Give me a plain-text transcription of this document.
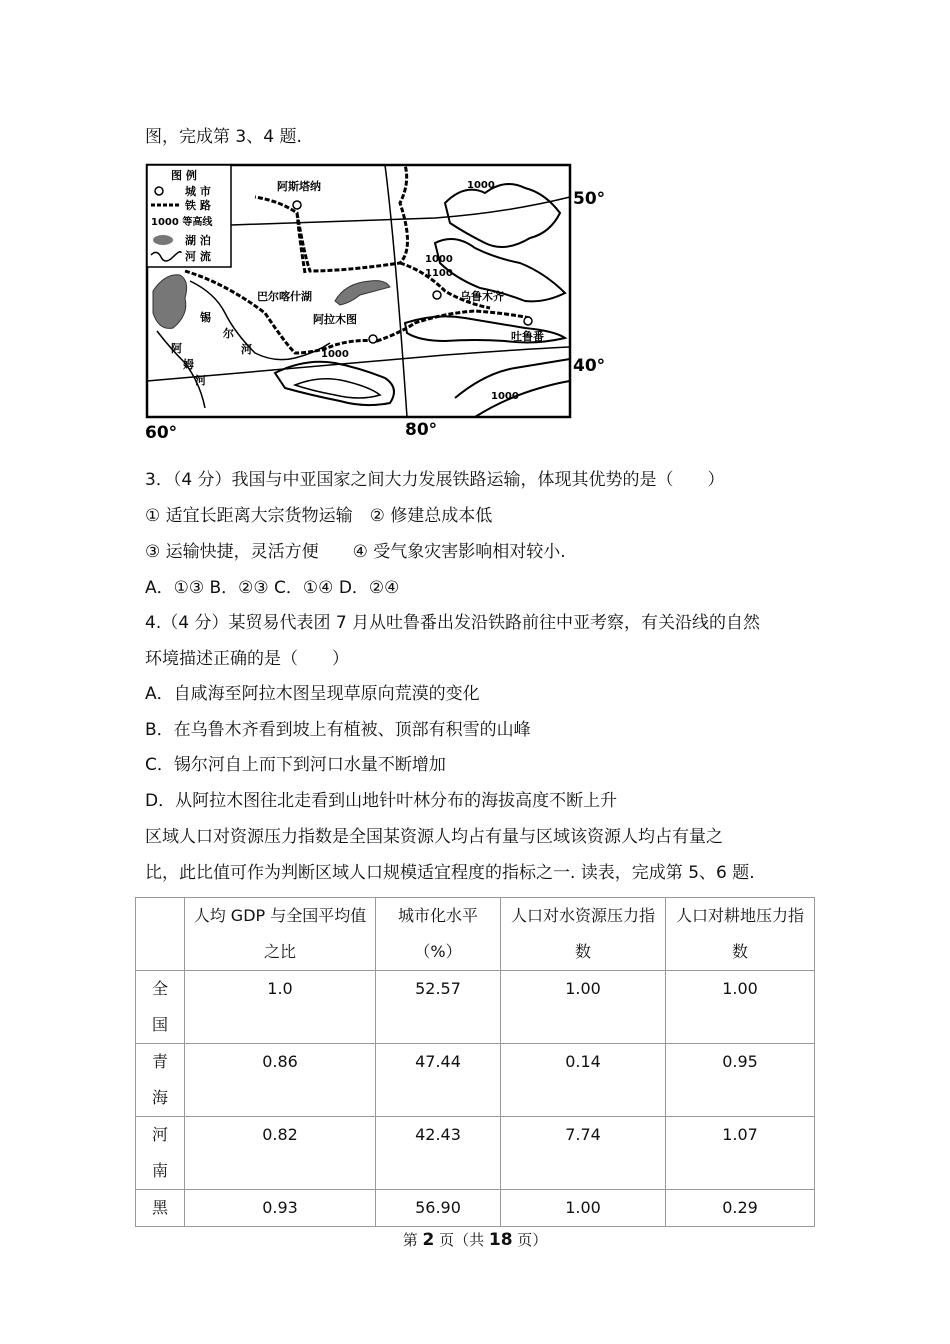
图，完成第 3、4 题.
图 例
城 市
铁 路
1000 等高线
湖 泊
河 流
阿斯塔纳
巴尔喀什湖
阿拉木图
乌鲁木齐
吐鲁番
锡
尔
河
阿
姆
河
1000
1000
1100
1000
1000
50°
40°
60°	80°
3．（4 分）我国与中亚国家之间大力发展铁路运输，体现其优势的是（　　）
① 适宜长距离大宗货物运输　② 修建总成本低
③ 运输快捷，灵活方便　　④ 受气象灾害影响相对较小.
A．①③ B．②③ C．①④ D．②④
4.（4 分）某贸易代表团 7 月从吐鲁番出发沿铁路前往中亚考察，有关沿线的自然
环境描述正确的是（　　）
A．自咸海至阿拉木图呈现草原向荒漠的变化
B．在乌鲁木齐看到坡上有植被、顶部有积雪的山峰
C．锡尔河自上而下到河口水量不断增加
D．从阿拉木图往北走看到山地针叶林分布的海拔高度不断上升
区域人口对资源压力指数是全国某资源人均占有量与区域该资源人均占有量之
比，此比值可作为判断区域人口规模适宜程度的指标之一. 读表，完成第 5、6 题.
	人均 GDP 与全国平均值之比	城市化水平（%）	人口对水资源压力指数	人口对耕地压力指数

全国	1.0	52.57	1.00	1.00

青海	0.86	47.44	0.14	0.95

河南	0.82	42.43	7.74	1.07

黑	0.93	56.90	1.00	0.29
第 2 页（共 18 页）
